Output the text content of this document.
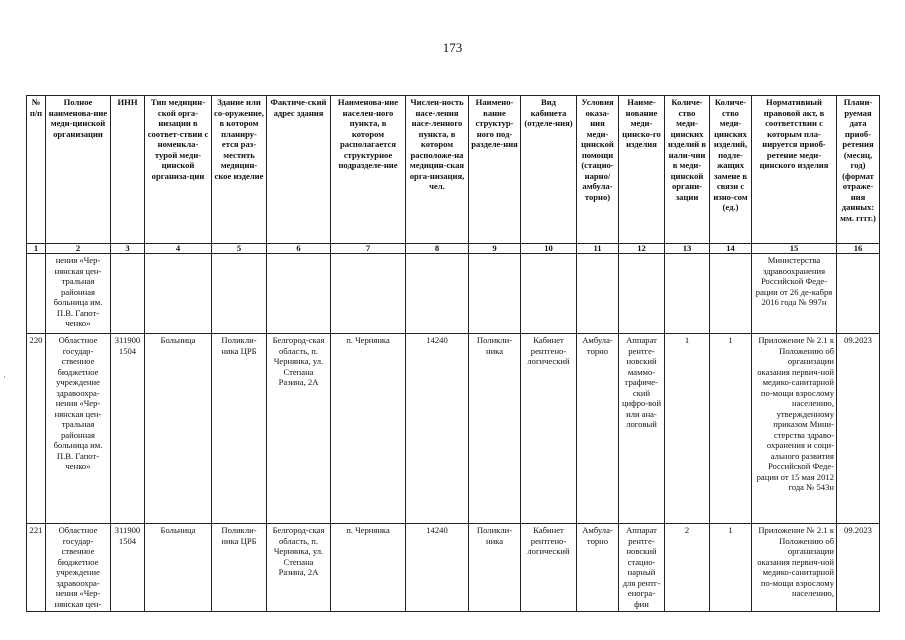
173
·
№ п/п	Полное наименова-ние меди-цинской организации	ИНН	Тип медицин-ской орга-низации в соответ-ствии с номенкла-турой меди-цинской организа-ции	Здание или со-оружение, в котором планиру-ется раз-местить медицин-ское изделие	Фактиче-ский адрес здания	Наименова-ние населен-ного пункта, в котором располагается структурное подразделе-ние	Числен-ность насе-ления насе-ленного пункта, в котором расположе-на медицин-ская орга-низация, чел.	Наимено-вание структур-ного под-разделе-ния	Вид кабинета (отделе-ния)	Условия оказа-ния меди-цинской помощи (стацио-нарно/ амбула-торно)	Наиме-нование меди-цинско-го изделия	Количе-ство меди-цинских изделий в нали-чии в меди-цинской органи-зации	Количе-ство меди-цинских изделий, подле-жащих замене в связи с изно-сом (ед.)	Нормативный правовой акт, в соответствии с которым пла-нируется приоб-ретение меди-цинского изделия	Плани-руемая дата приоб-ретения (месяц, год) (формат отраже-ния данных: мм. гггг.)
1	2	3	4	5	6	7	8	9	10	11	12	13	14	15	16
	нения «Чер-нянская цен-тральная районная больница им. П.В. Гапот-ченко»													Министерства здравоохранения Российской Феде-рации от 26 де-кабря 2016 года № 997н	
220	Областное государ-ственное бюджетное учреждение здравоохра-нения «Чер-нянская цен-тральная районная больница им. П.В. Гапот-ченко»	311900 1504	Больница	Поликли-ника ЦРБ	Белгород-ская область, п. Чернянка, ул. Степана Разина, 2А	п. Чернянка	14240	Поликли-ника	Кабинет рентгено-логический	Амбула-торно	Аппарат рентге-новский маммо-графиче-ский цифро-вой или ана-логовый	1	1	Приложение № 2.1 к Положению об организации оказания первич-ной медико-санитарной по-мощи взрослому населению, утвержденному приказом Мини-стерства здраво-охранения и соци-ального развития Российской Феде-рации от 15 мая 2012 года № 543н	09.2023
221	Областное государ-ственное бюджетное учреждение здравоохра-нения «Чер-нянская цен-	311900 1504	Больница	Поликли-ника ЦРБ	Белгород-ская область, п. Чернянка, ул. Степана Разина, 2А	п. Чернянка	14240	Поликли-ника	Кабинет рентгено-логический	Амбула-торно	Аппарат рентге-новский стацио-нарный для рентг-еногра-фии	2	1	Приложение № 2.1 к Положению об организации оказания первич-ной медико-санитарной по-мощи взрослому населению,	09.2023
